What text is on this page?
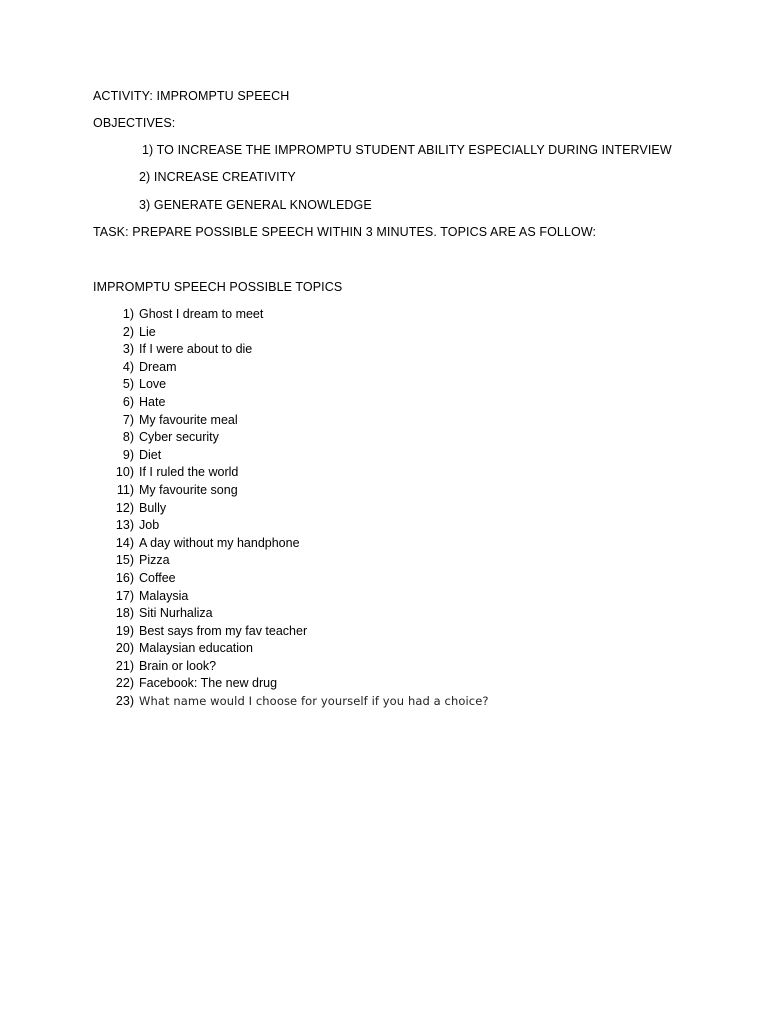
ACTIVITY: IMPROMPTU SPEECH
OBJECTIVES:
1) TO INCREASE THE IMPROMPTU STUDENT ABILITY ESPECIALLY DURING INTERVIEW
2) INCREASE CREATIVITY
3) GENERATE GENERAL KNOWLEDGE
TASK: PREPARE POSSIBLE SPEECH WITHIN 3 MINUTES. TOPICS ARE AS FOLLOW:
IMPROMPTU SPEECH POSSIBLE TOPICS
1) Ghost I dream to meet
2) Lie
3) If I were about to die
4) Dream
5) Love
6) Hate
7) My favourite meal
8) Cyber security
9) Diet
10) If I ruled the world
11) My favourite song
12) Bully
13) Job
14) A day without my handphone
15) Pizza
16) Coffee
17) Malaysia
18) Siti Nurhaliza
19) Best says from my fav teacher
20) Malaysian education
21) Brain or look?
22) Facebook: The new drug
23) What name would I choose for yourself if you had a choice?
